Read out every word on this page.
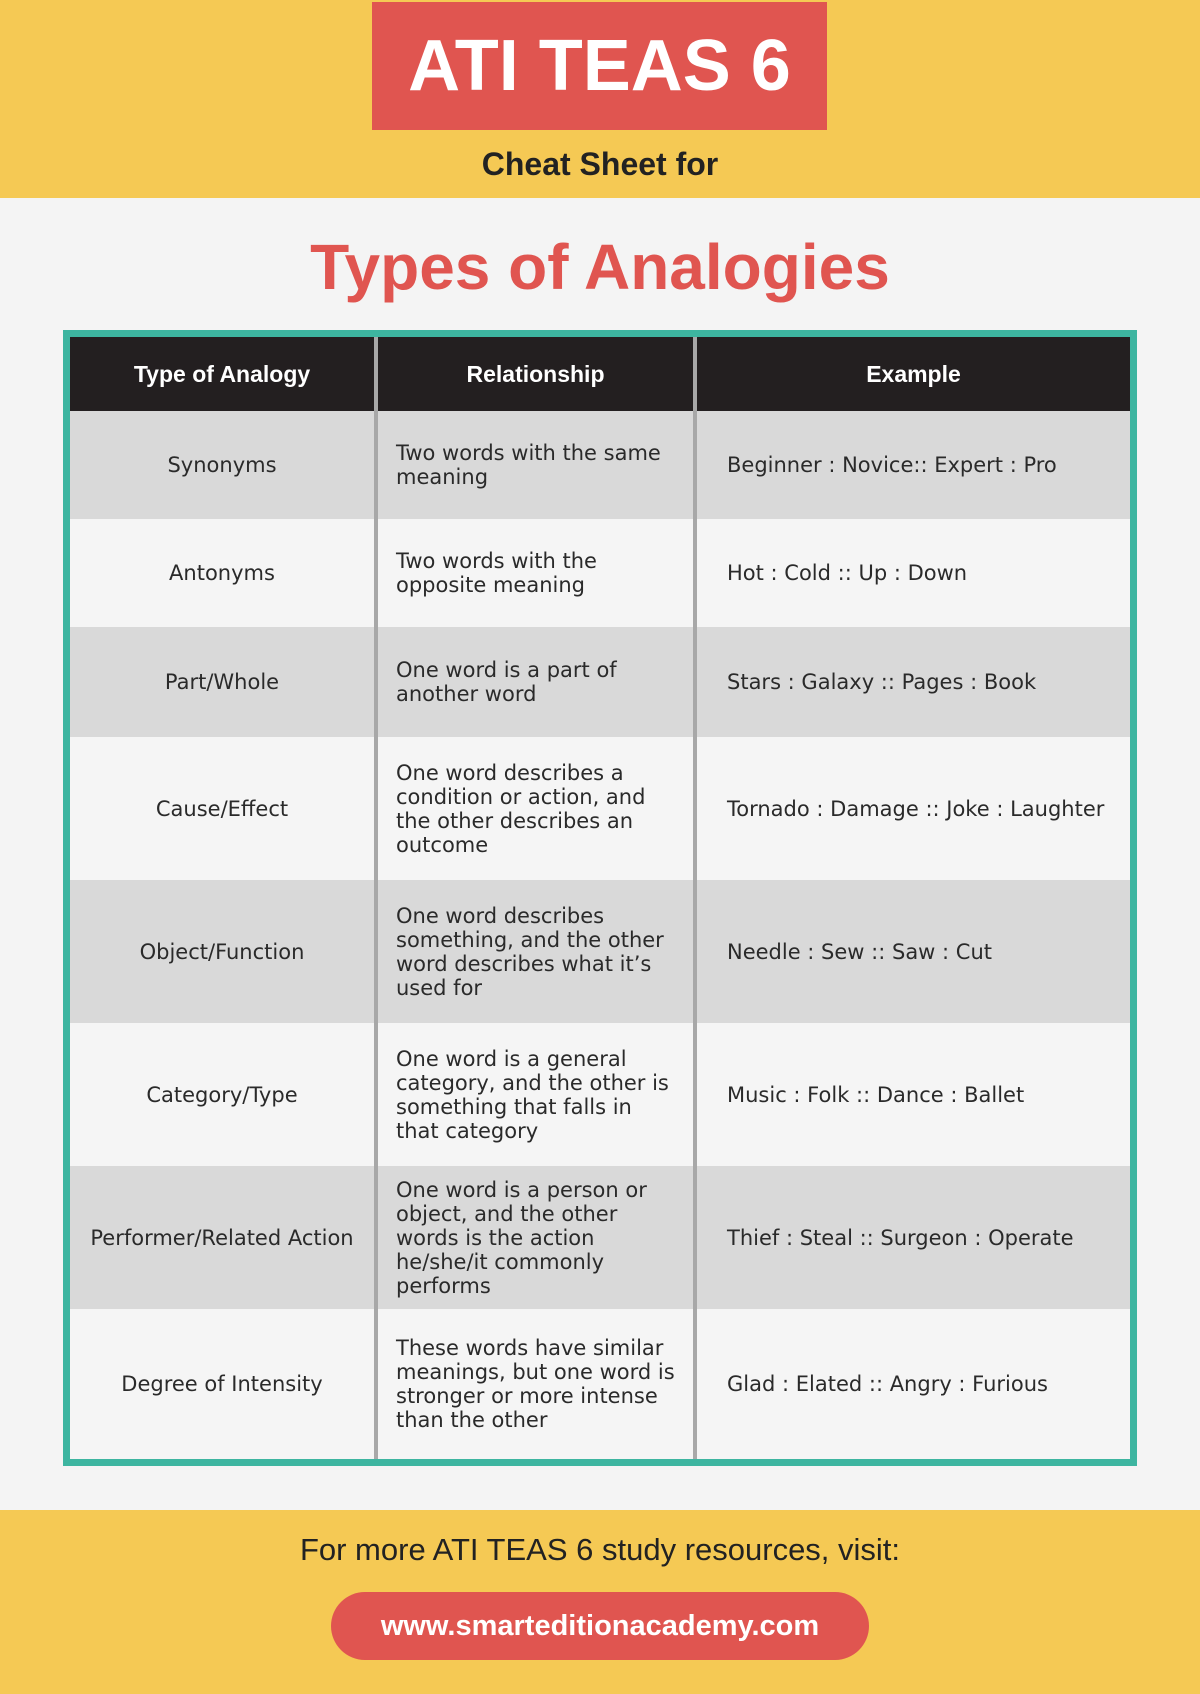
ATI TEAS 6
Cheat Sheet for
Types of Analogies
Type of Analogy	Relationship	Example
Synonyms	Two words with the same meaning	Beginner : Novice:: Expert : Pro
Antonyms	Two words with the opposite meaning	Hot : Cold :: Up : Down
Part/Whole	One word is a part of another word	Stars : Galaxy :: Pages : Book
Cause/Effect	One word describes a condition or action, and the other describes an outcome	Tornado : Damage :: Joke : Laughter
Object/Function	One word describes something, and the other word describes what it’s used for	Needle : Sew :: Saw : Cut
Category/Type	One word is a general category, and the other is something that falls in that category	Music : Folk :: Dance : Ballet
Performer/Related Action	One word is a person or object, and the other words is the action he/she/it commonly performs	Thief : Steal :: Surgeon : Operate
Degree of Intensity	These words have similar meanings, but one word is stronger or more intense than the other	Glad : Elated :: Angry : Furious
For more ATI TEAS 6 study resources, visit:
www.smarteditionacademy.com
